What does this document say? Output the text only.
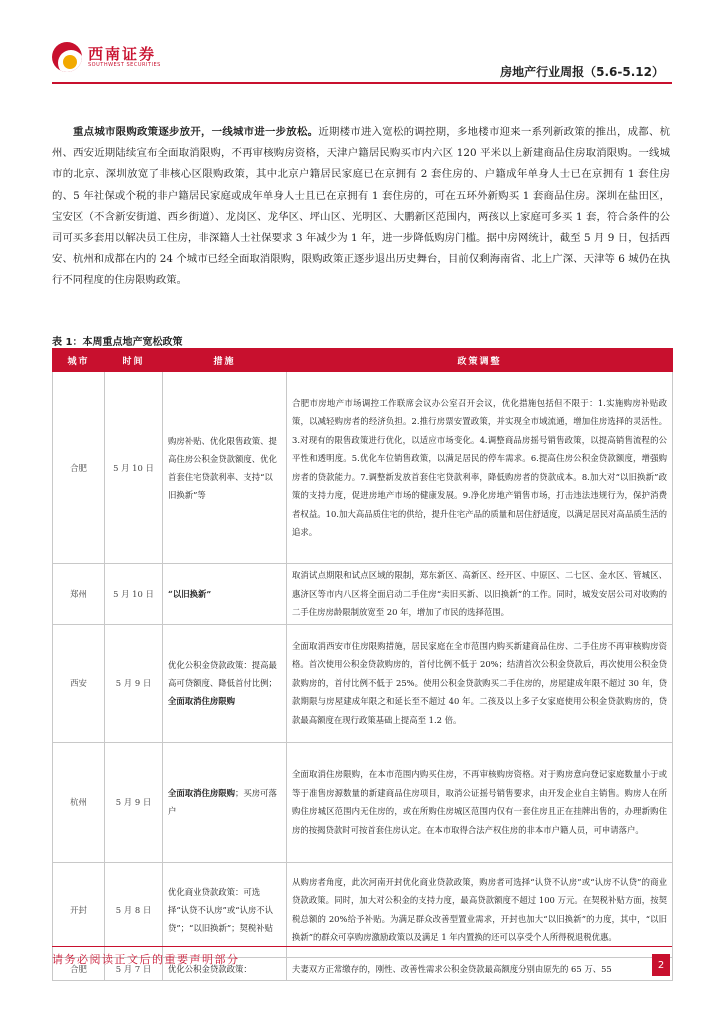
西南证券
SOUTHWEST SECURITIES
房地产行业周报（5.6-5.12）
重点城市限购政策逐步放开，一线城市进一步放松。近期楼市进入宽松的调控期，多地楼市迎来一系列新政策的推出，成都、杭州、西安近期陆续宣布全面取消限购，不再审核购房资格，天津户籍居民购买市内六区 120 平米以上新建商品住房取消限购。一线城市的北京、深圳放宽了非核心区限购政策，其中北京户籍居民家庭已在京拥有 2 套住房的、户籍成年单身人士已在京拥有 1 套住房的、5 年社保或个税的非户籍居民家庭或成年单身人士且已在京拥有 1 套住房的，可在五环外新购买 1 套商品住房。深圳在盐田区，宝安区（不含新安街道、西乡街道）、龙岗区、龙华区、坪山区、光明区、大鹏新区范围内，两孩以上家庭可多买 1 套，符合条件的公司可买多套用以解决员工住房，非深籍人士社保要求 3 年减少为 1 年，进一步降低购房门槛。据中房网统计，截至 5 月 9 日，包括西安、杭州和成都在内的 24 个城市已经全面取消限购，限购政策正逐步退出历史舞台，目前仅剩海南省、北上广深、天津等 6 城仍在执行不同程度的住房限购政策。
表 1：本周重点地产宽松政策
城市	时间	措施	政策调整
合肥	5 月 10 日	购房补贴、优化限售政策、提高住房公积金贷款额度、优化首套住宅贷款利率、支持“以旧换新”等	合肥市房地产市场调控工作联席会议办公室召开会议，优化措施包括但不限于：1.实施购房补贴政策，以减轻购房者的经济负担。2.推行房票安置政策，并实现全市域流通，增加住房选择的灵活性。3.对现有的限售政策进行优化，以适应市场变化。4.调整商品房摇号销售政策，以提高销售流程的公平性和透明度。5.优化车位销售政策，以满足居民的停车需求。6.提高住房公积金贷款额度，增强购房者的贷款能力。7.调整新发放首套住宅贷款利率，降低购房者的贷款成本。8.加大对“以旧换新”政策的支持力度，促进房地产市场的健康发展。9.净化房地产销售市场，打击违法违规行为，保护消费者权益。10.加大高品质住宅的供给，提升住宅产品的质量和居住舒适度，以满足居民对高品质生活的追求。
郑州	5 月 10 日	“以旧换新”	取消试点期限和试点区域的限制，郑东新区、高新区、经开区、中原区、二七区、金水区、管城区、惠济区等市内八区将全面启动二手住房“卖旧买新、以旧换新”的工作。同时，城发安居公司对收购的二手住房房龄限制放宽至 20 年，增加了市民的选择范围。
西安	5 月 9 日	优化公积金贷款政策：提高最高可贷额度、降低首付比例；全面取消住房限购	全面取消西安市住房限购措施，居民家庭在全市范围内购买新建商品住房、二手住房不再审核购房资格。首次使用公积金贷款购房的，首付比例不低于 20%；结清首次公积金贷款后，再次使用公积金贷款购房的，首付比例不低于 25%。使用公积金贷款购买二手住房的，房屋建成年限不超过 30 年，贷款期限与房屋建成年限之和延长至不超过 40 年。二孩及以上多子女家庭使用公积金贷款购房的，贷款最高额度在现行政策基础上提高至 1.2 倍。
杭州	5 月 9 日	全面取消住房限购；买房可落户	全面取消住房限购，在本市范围内购买住房，不再审核购房资格。对于购房意向登记家庭数量小于或等于准售房源数量的新建商品住房项目，取消公证摇号销售要求，由开发企业自主销售。购房人在所购住房城区范围内无住房的，或在所购住房城区范围内仅有一套住房且正在挂牌出售的，办理新购住房的按揭贷款时可按首套住房认定。在本市取得合法产权住房的非本市户籍人员，可申请落户。
开封	5 月 8 日	优化商业贷款政策：可选择“认贷不认房”或“认房不认贷”；“以旧换新”；契税补贴	从购房者角度，此次河南开封优化商业贷款政策，购房者可选择“认贷不认房”或“认房不认贷”的商业贷款政策。同时，加大对公积金的支持力度，最高贷款额度不超过 100 万元。在契税补贴方面，按契税总额的 20%给予补贴。为满足群众改善型置业需求，开封也加大“以旧换新”的力度，其中，“以旧换新”的群众可享购房激励政策以及满足 1 年内置换的还可以享受个人所得税退税优惠。
合肥	5 月 7 日	优化公积金贷款政策：	夫妻双方正常缴存的，刚性、改善性需求公积金贷款最高额度分别由原先的 65 万、55
请务必阅读正文后的重要声明部分	2
